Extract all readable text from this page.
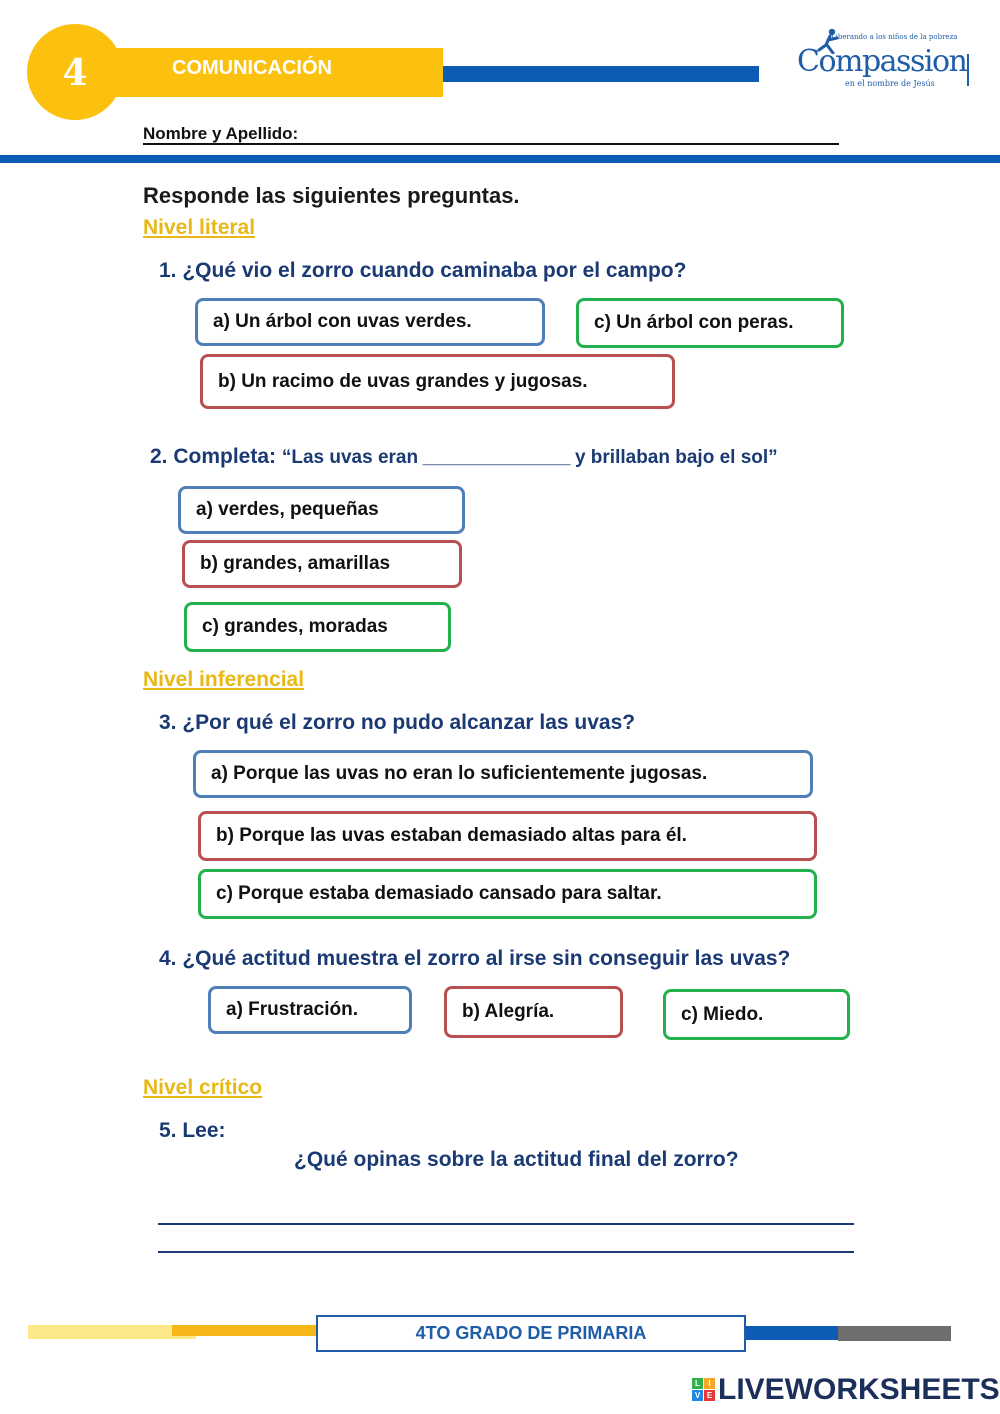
4	COMUNICACIÓN
Liberando a los niños de la pobreza
Compassion
en el nombre de Jesús
Nombre y Apellido:
Responde las siguientes preguntas.
Nivel literal
1. ¿Qué vio el zorro cuando caminaba por el campo?
a) Un árbol con uvas verdes.	c) Un árbol con peras.
b) Un racimo de uvas grandes y jugosas.
2. Completa: “Las uvas eran ______________ y brillaban bajo el sol”
a) verdes, pequeñas
b) grandes, amarillas
c) grandes, moradas
Nivel inferencial
3. ¿Por qué el zorro no pudo alcanzar las uvas?
a) Porque las uvas no eran lo suficientemente jugosas.
b) Porque las uvas estaban demasiado altas para él.
c) Porque estaba demasiado cansado para saltar.
4. ¿Qué actitud muestra el zorro al irse sin conseguir las uvas?
a) Frustración.	b) Alegría.	c) Miedo.
Nivel crítico
5. Lee:
¿Qué opinas sobre la actitud final del zorro?
4TO GRADO DE PRIMARIA
L	I
V E LIVEWORKSHEETS
